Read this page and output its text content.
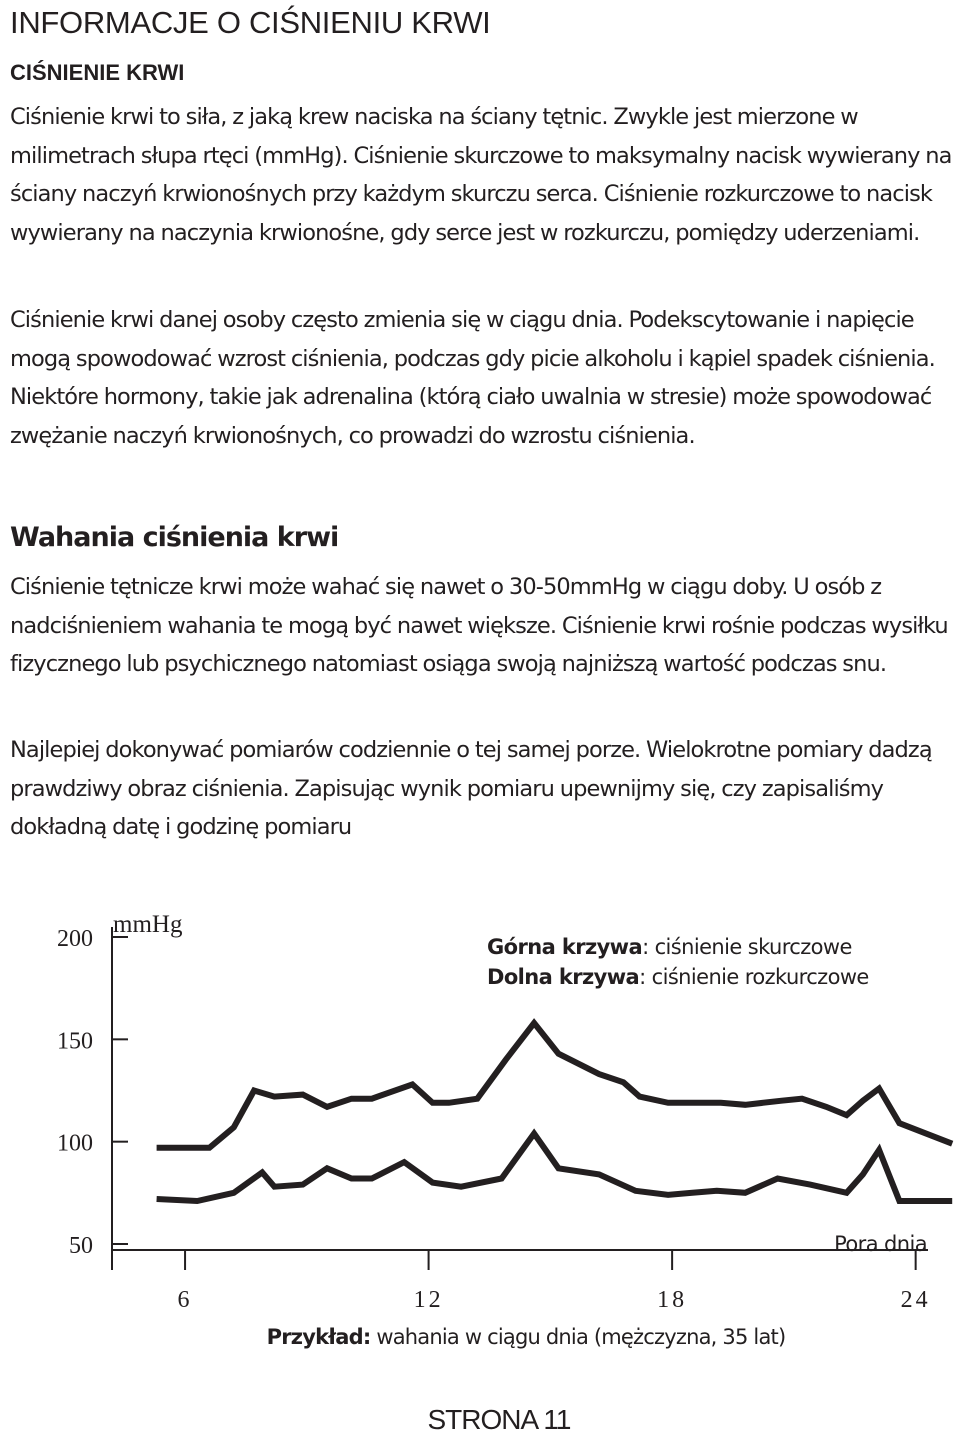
INFORMACJE O CIŚNIENIU KRWI
CIŚNIENIE KRWI

Ciśnienie krwi to siła, z jaką krew naciska na ściany tętnic. Zwykle jest mierzone w milimetrach słupa rtęci (mmHg). Ciśnienie skurczowe to maksymalny nacisk wywierany na ściany naczyń krwionośnych przy każdym skurczu serca. Ciśnienie rozkurczowe to nacisk wywierany na naczynia krwionośne, gdy serce jest w rozkurczu, pomiędzy uderzeniami.

Ciśnienie krwi danej osoby często zmienia się w ciągu dnia. Podekscytowanie i napięcie mogą spowodować wzrost ciśnienia, podczas gdy picie alkoholu i kąpiel spadek ciśnienia. Niektóre hormony, takie jak adrenalina (którą ciało uwalnia w stresie) może spowodować zwężanie naczyń krwionośnych, co prowadzi do wzrostu ciśnienia.

Wahania ciśnienia krwi

Ciśnienie tętnicze krwi może wahać się nawet o 30-50mmHg w ciągu doby. U osób z nadciśnieniem wahania te mogą być nawet większe. Ciśnienie krwi rośnie podczas wysiłku fizycznego lub psychicznego natomiast osiąga swoją najniższą wartość podczas snu.

Najlepiej dokonywać pomiarów codziennie o tej samej porze. Wielokrotne pomiary dadzą prawdziwy obraz ciśnienia. Zapisując wynik pomiaru upewnijmy się, czy zapisaliśmy dokładną datę i godzinę pomiaru

50
100
150
200
6	12	18	24
mmHg
Pora dnia
Górna krzywa: ciśnienie skurczowe
Dolna krzywa: ciśnienie rozkurczowe
Przykład: wahania w ciągu dnia (mężczyzna, 35 lat)
STRONA 11
